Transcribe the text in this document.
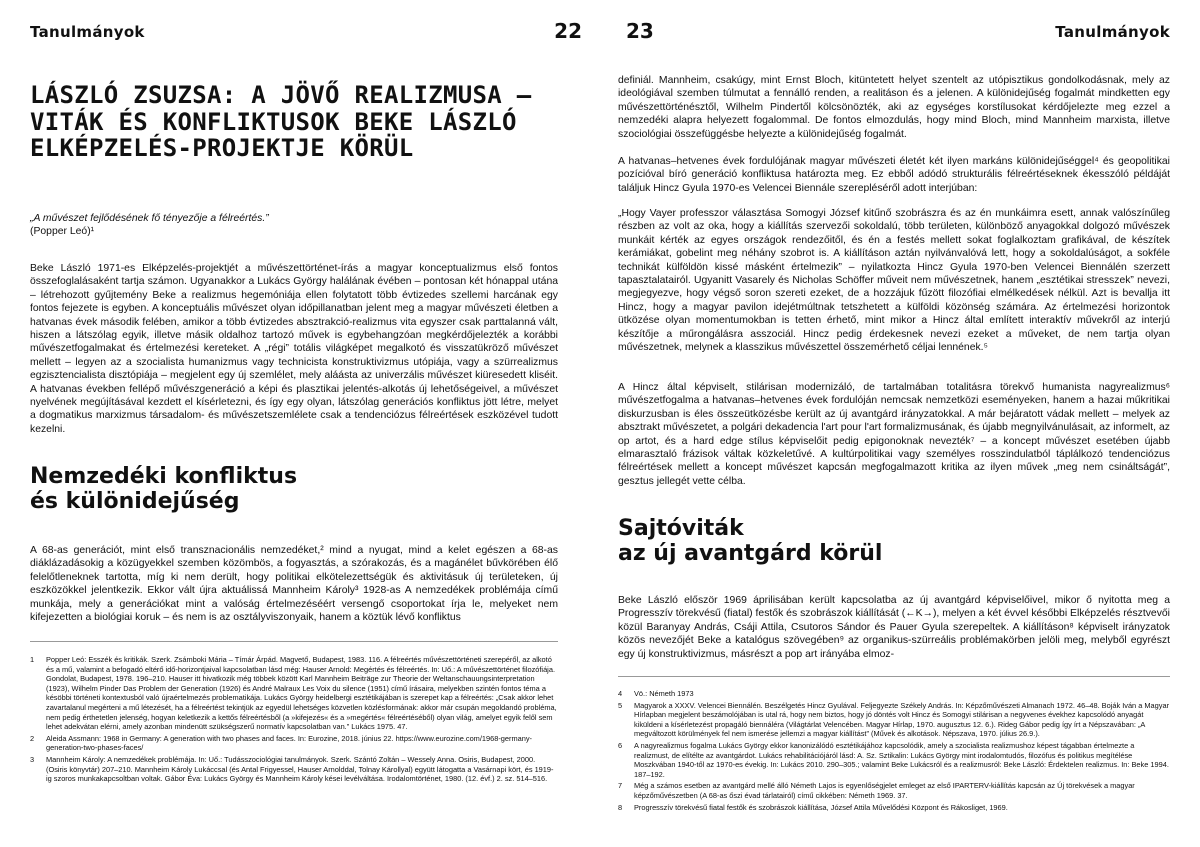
Tanulmányok	22
LÁSZLÓ ZSUZSA: A JÖVŐ REALIZMUSA – VITÁK ÉS KONFLIKTUSOK BEKE LÁSZLÓ ELKÉPZELÉS-PROJEKTJE KÖRÜL
„A művészet fejlődésének fő tényezője a félreértés.”
(Popper Leó)¹

Beke László 1971-es Elképzelés-projektjét a művészettörténet-írás a magyar konceptualizmus első fontos összefoglalásaként tartja számon. Ugyanakkor a Lukács György halálának évében – pontosan két hónappal utána – létrehozott gyűjtemény Beke a realizmus hegemóniája ellen folytatott több évtizedes szellemi harcának egy fontos fejezete is egyben. A konceptuális művészet olyan időpillanatban jelent meg a magyar művészeti életben a hatvanas évek második felében, amikor a több évtizedes absztrakció-realizmus vita egyszer csak parttalanná vált, hiszen a látszólag egyik, illetve másik oldalhoz tartozó művek is egybehangzóan megkérdőjelezték a korábbi művészetfogalmakat és értelmezési kereteket. A „régi” totális világképet megalkotó és visszatükröző művészet mellett – legyen az a szocialista humanizmus vagy technicista konstruktivizmus utópiája, vagy a szürrealizmus egzisztencialista disztópiája – megjelent egy új szemlélet, mely aláásta az univerzális művészet kiüresedett kliséit. A hatvanas években fellépő művészgeneráció a képi és plasztikai jelentés-alkotás új lehetőségeivel, a művészet nyelvének megújításával kezdett el kísérletezni, és így egy olyan, látszólag generációs konfliktus jött létre, melyet a dogmatikus marxizmus társadalom- és művészetszemlélete csak a tendenciózus félreértések eszközével tudott kezelni.

Nemzedéki konfliktus
és különidejűség

A 68-as generációt, mint első transznacionális nemzedéket,² mind a nyugat, mind a kelet egészen a 68-as diáklázadásokig a közügyekkel szemben közömbös, a fogyasztás, a szórakozás, és a magánélet bűvkörében élő felelőtleneknek tartotta, míg ki nem derült, hogy politikai elkötelezettségük és aktivitásuk új területeken, új eszközökkel jelentkezik. Ekkor vált újra aktuálissá Mannheim Károly³ 1928-as A nemzedékek problémája című munkája, mely a generációkat mint a valóság értelmezéséért versengő csoportokat írja le, melyeket nem kifejezetten a biológiai koruk – és nem is az osztályviszonyaik, hanem a köztük lévő konfliktus

1	Popper Leó: Esszék és kritikák. Szerk. Zsámboki Mária – Tímár Árpád. Magvető, Budapest, 1983. 116. A félreértés művészettörténeti szerepéről, az alkotó és a mű, valamint a befogadó eltérő idő-horizontjaival kapcsolatban lásd még: Hauser Arnold: Megértés és félreértés. In: Uő.: A művészettörténet filozófiája. Gondolat, Budapest, 1978. 196–210. Hauser itt hivatkozik még többek között Karl Mannheim Beiträge zur Theorie der Weltanschauungsinterpretation (1923), Wilhelm Pinder Das Problem der Generation (1926) és André Malraux Les Voix du silence (1951) című írásaira, melyekben szintén fontos téma a késöbbi történeti kontextusból való újraértelmezés problematikája. Lukács György heidelbergi esztétikájában is szerepet kap a félreértés: „Csak akkor lehet zavartalanul megérteni a mű létezését, ha a félreértést tekintjük az egyedül lehetséges közvetlen közlésformának: akkor már csupán megoldandó probléma, nem pedig érthetetlen jelenség, hogyan keletkezik a kettős félreértésből (a »kifejezés« és a »megértés« félreértéséből) olyan világ, amelyet egyik felől sem lehet adekvátan elérni, amely azonban mindenütt szükségszerű normatív kapcsolatban van.” Lukács 1975. 47.
2	Aleida Assmann: 1968 in Germany: A generation with two phases and faces. In: Eurozine, 2018. június 22. https://www.eurozine.com/1968-germany-generation-two-phases-faces/
3	Mannheim Károly: A nemzedékek problémája. In: Uő.: Tudásszociológiai tanulmányok. Szerk. Szántó Zoltán – Wessely Anna. Osiris, Budapest, 2000. (Osiris könyvtár) 207–210. Mannheim Károly Lukáccsal (és Antal Frigyessel, Hauser Arnolddal, Tolnay Károllyal) együtt látogatta a Vasárnapi kört, és 1919-ig szoros munkakapcsoltban voltak. Gábor Éva: Lukács György és Mannheim Károly kései levélváltása. Irodalomtörténet, 1980. (12. évf.) 2. sz. 514–516.
23	Tanulmányok

definiál. Mannheim, csakúgy, mint Ernst Bloch, kitüntetett helyet szentelt az utópisztikus gondolkodásnak, mely az ideológiával szemben túlmutat a fennálló renden, a realitáson és a jelenen. A különidejűség fogalmát mindketten egy művészettörténésztől, Wilhelm Pindertől kölcsönözték, aki az egységes korstílusokat kérdőjelezte meg ezzel a nemzedéki alapra helyezett fogalommal. De fontos elmozdulás, hogy mind Bloch, mind Mannheim marxista, illetve szociológiai összefüggésbe helyezte a különidejűség fogalmát.

A hatvanas–hetvenes évek fordulójának magyar művészeti életét két ilyen markáns különidejűséggel⁴ és geopolitikai pozícióval bíró generáció konfliktusa határozta meg. Ez ebből adódó strukturális félreértéseknek ékesszóló példáját találjuk Hincz Gyula 1970-es Velencei Biennále szerepléséről adott interjúban:

„Hogy Vayer professzor választása Somogyi József kitűnő szobrászra és az én munkáimra esett, annak valószínűleg részben az volt az oka, hogy a kiállítás szervezői sokoldalú, több területen, különböző anyagokkal dolgozó művészek munkáit kérték az egyes országok rendezőitől, és én a festés mellett sokat foglalkoztam grafikával, de készítek kerámiákat, gobelint meg néhány szobrot is. A kiállításon aztán nyilvánvalóvá lett, hogy a sokoldalúságot, a sokféle technikát külföldön kissé másként értelmezik” – nyilatkozta Hincz Gyula 1970-ben Velencei Biennálén szerzett tapasztalatairól. Ugyanitt Vasarely és Nicholas Schöffer műveit nem művészetnek, hanem „esztétikai stresszek” nevezi, megjegyezve, hogy végső soron szereti ezeket, de a hozzájuk fűzött filozófiai elmélkedések nélkül. Azt is bevallja itt Hincz, hogy a magyar pavilon idejétmúltnak tetszhetett a külföldi közönség számára. Az értelmezési horizontok ütközése olyan momentumokban is tetten érhető, mint mikor a Hincz által említett interaktív művekről az interjú készítője a műrongálásra asszociál. Hincz pedig érdekesnek nevezi ezeket a műveket, de nem tartja olyan művészetnek, melynek a klasszikus művészettel összemérhető céljai lennének.⁵

A Hincz által képviselt, stilárisan modernizáló, de tartalmában totalitásra törekvő humanista nagyrealizmus⁶ művészetfogalma a hatvanas–hetvenes évek fordulóján nemcsak nemzetközi eseményeken, hanem a hazai műkritikai diskurzusban is éles összeütközésbe került az új avantgárd irányzatokkal. A már bejáratott vádak mellett – melyek az absztrakt művészetet, a polgári dekadencia l'art pour l'art formalizmusának, és újabb megnyilvánulásait, az informelt, az op artot, és a hard edge stílus képviselőit pedig epigonoknak nevezték⁷ – a koncept művészet esetében újabb elmarasztaló frázisok váltak közkeletűvé. A kultúrpolitikai vagy személyes rosszindulatból táplálkozó tendenciózus félreértések mellett a koncept művészet kapcsán megfogalmazott kritika az ilyen művek „meg nem csináltságát”, gesztus jellegét vette célba.

Sajtóviták
az új avantgárd körül

Beke László először 1969 áprilisában került kapcsolatba az új avantgárd képviselőivel, mikor ő nyitotta meg a Progresszív törekvésű (fiatal) festők és szobrászok kiállítását (←K→), melyen a két évvel későbbi Elképzelés résztvevői közül Baranyay András, Csáji Attila, Csutoros Sándor és Pauer Gyula szerepeltek. A kiállításon⁸ képviselt irányzatok közös nevezőjét Beke a katalógus szövegében⁹ az organikus-szürreális problémakörben jelöli meg, melyből egyrészt egy új konstruktivizmus, másrészt a pop art irányába elmoz-

4	Vö.: Németh 1973
5	Magyarok a XXXV. Velencei Biennálén. Beszélgetés Hincz Gyulával. Feljegyezte Székely András. In: Képzőművészeti Almanach 1972. 46–48. Boják Iván a Magyar Hírlapban megjelent beszámolójában is utal rá, hogy nem biztos, hogy jó döntés volt Hincz és Somogyi stilárisan a negyvenes évekhez kapcsolódó anyagát kiküldeni a kísérletezést propagáló biennáléra (Világtárlat Velencében. Magyar Hírlap, 1970. augusztus 12. 6.). Rideg Gábor pedig így írt a Népszavában: „A megváltozott körülmények fel nem ismerése jellemzi a magyar kiállítást” (Művek és alkotások. Népszava, 1970. július 26.9.).
6	A nagyrealizmus fogalma Lukács György ekkor kanonizálódó esztétikájához kapcsolódik, amely a szocialista realizmushoz képest tágabban értelmezte a realizmust, de elítélte az avantgárdot. Lukács rehabilitációjáról lásd: A. Sz. Sztikalin: Lukács György mint irodalomtudós, filozófus és politikus megítélése Moszkvában 1940-től az 1970-es évekig. In: Lukács 2010. 290–305.; valamint Beke Lukácsról és a realizmusról: Beke László: Érdektelen realizmus. In: Beke 1994. 187–192.
7	Még a számos esetben az avantgárd mellé álló Németh Lajos is egyenlőségjelet emleget az első IPARTERV-kiállítás kapcsán az Új törekvések a magyar képzőművészetben (A 68-as őszi évad tárlatairól) című cikkében: Németh 1969. 37.
8	Progresszív törekvésű fiatal festők és szobrászok kiállítása, József Attila Művelődési Központ és Rákosliget, 1969.
